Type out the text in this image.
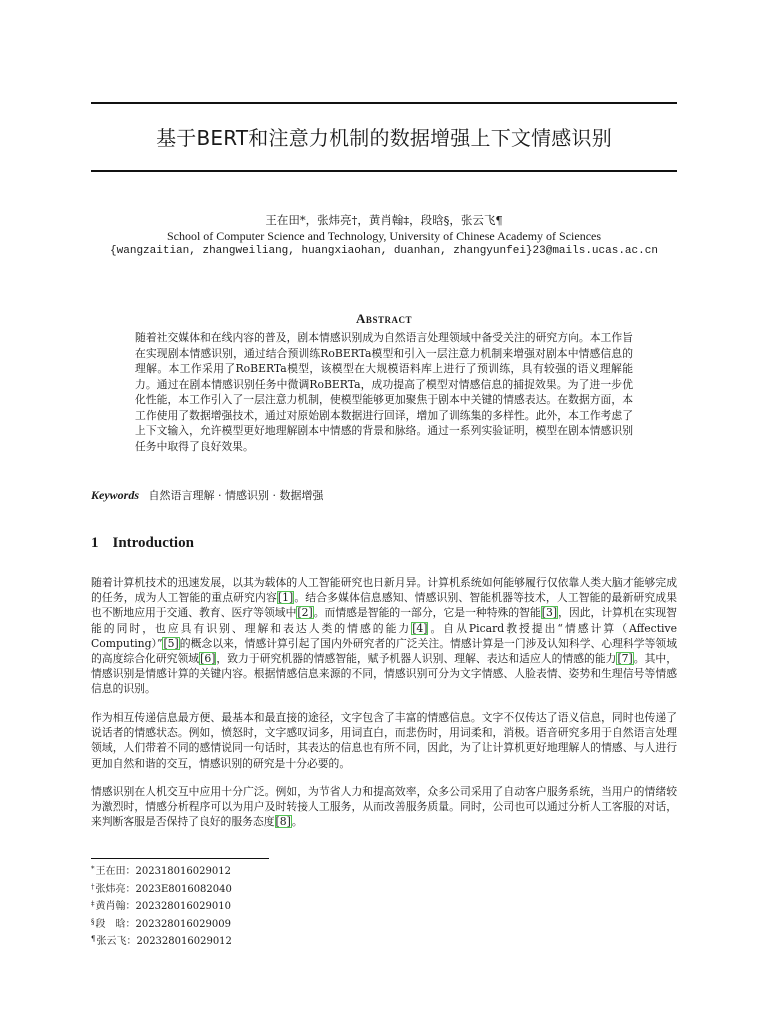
基于BERT和注意力机制的数据增强上下文情感识别
王在田*，张炜亮†，黄肖翰‡，段晗§，张云飞¶
School of Computer Science and Technology, University of Chinese Academy of Sciences
{wangzaitian, zhangweiliang, huangxiaohan, duanhan, zhangyunfei}23@mails.ucas.ac.cn
Abstract
随着社交媒体和在线内容的普及，剧本情感识别成为自然语言处理领域中备受关注的研究方向。本工作旨在实现剧本情感识别，通过结合预训练RoBERTa模型和引入一层注意力机制来增强对剧本中情感信息的理解。本工作采用了RoBERTa模型，该模型在大规模语料库上进行了预训练，具有较强的语义理解能力。通过在剧本情感识别任务中微调RoBERTa，成功提高了模型对情感信息的捕捉效果。为了进一步优化性能，本工作引入了一层注意力机制，使模型能够更加聚焦于剧本中关键的情感表达。在数据方面，本工作使用了数据增强技术，通过对原始剧本数据进行回译，增加了训练集的多样性。此外，本工作考虑了上下文输入，允许模型更好地理解剧本中情感的背景和脉络。通过一系列实验证明，模型在剧本情感识别任务中取得了良好效果。
Keywords 自然语言理解 · 情感识别 · 数据增强
1 Introduction
随着计算机技术的迅速发展，以其为载体的人工智能研究也日新月异。计算机系统如何能够履行仅依靠人类大脑才能够完成的任务，成为人工智能的重点研究内容[1]。结合多媒体信息感知、情感识别、智能机器等技术，人工智能的最新研究成果也不断地应用于交通、教育、医疗等领域中[2]。而情感是智能的一部分，它是一种特殊的智能[3]，因此，计算机在实现智能的同时，也应具有识别、理解和表达人类的情感的能力[4]。自从Picard教授提出“情感计算（Affective Computing）”[5]的概念以来，情感计算引起了国内外研究者的广泛关注。情感计算是一门涉及认知科学、心理科学等领域的高度综合化研究领域[6]，致力于研究机器的情感智能，赋予机器人识别、理解、表达和适应人的情感的能力[7]。其中，情感识别是情感计算的关键内容。根据情感信息来源的不同，情感识别可分为文字情感、人脸表情、姿势和生理信号等情感信息的识别。
作为相互传递信息最方便、最基本和最直接的途径，文字包含了丰富的情感信息。文字不仅传达了语义信息，同时也传递了说话者的情感状态。例如，愤怒时，文字感叹词多，用词直白，而悲伤时，用词柔和，消极。语音研究多用于自然语言处理领域，人们带着不同的感情说同一句话时，其表达的信息也有所不同，因此，为了让计算机更好地理解人的情感、与人进行更加自然和谐的交互，情感识别的研究是十分必要的。
情感识别在人机交互中应用十分广泛。例如，为节省人力和提高效率，众多公司采用了自动客户服务系统，当用户的情绪较为激烈时，情感分析程序可以为用户及时转接人工服务，从而改善服务质量。同时，公司也可以通过分析人工客服的对话，来判断客服是否保持了良好的服务态度[8]。
*王在田：202318016029012
†张炜亮：2023E8016082040
‡黄肖翰：202328016029010
§段　晗：202328016029009
¶张云飞：202328016029012
